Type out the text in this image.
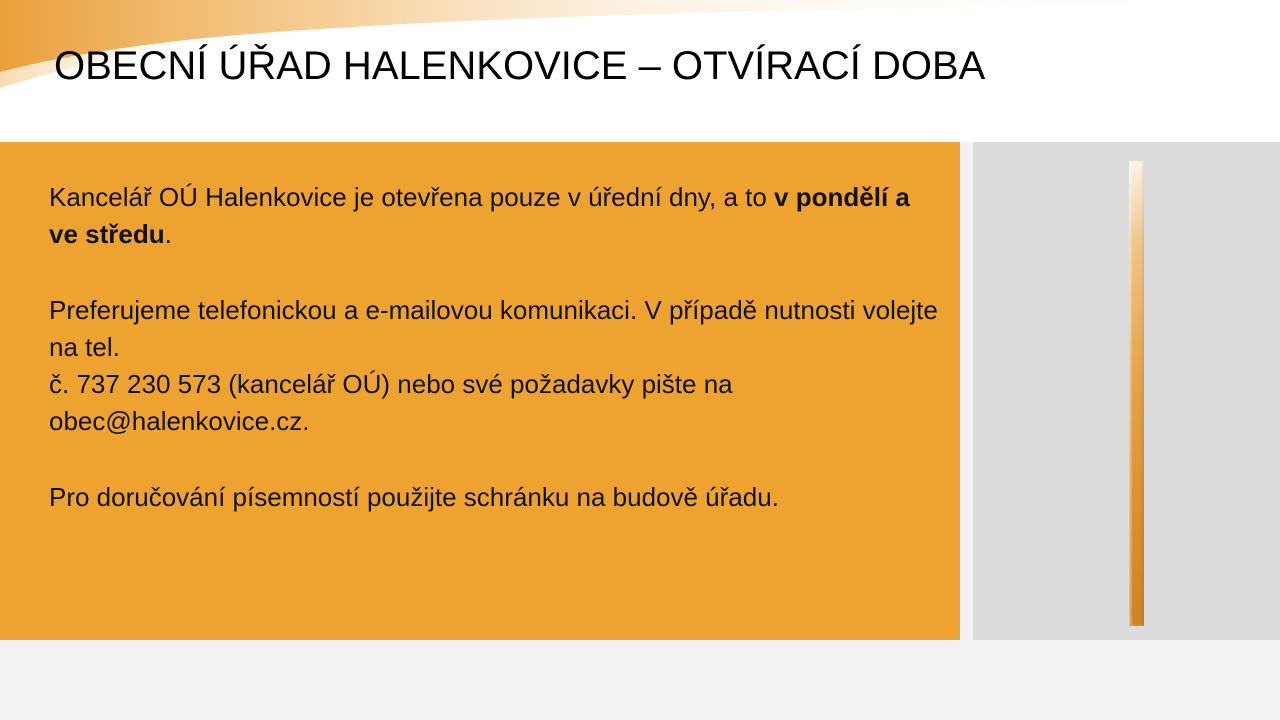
OBECNÍ ÚŘAD HALENKOVICE – OTVÍRACÍ DOBA

Kancelář OÚ Halenkovice je otevřena pouze v úřední dny, a to v pondělí a ve středu.

Preferujeme telefonickou a e-mailovou komunikaci. V případě nutnosti volejte na tel.

č. 737 230 573 (kancelář OÚ) nebo své požadavky pište na obec@halenkovice.cz.

Pro doručování písemností použijte schránku na budově úřadu.
